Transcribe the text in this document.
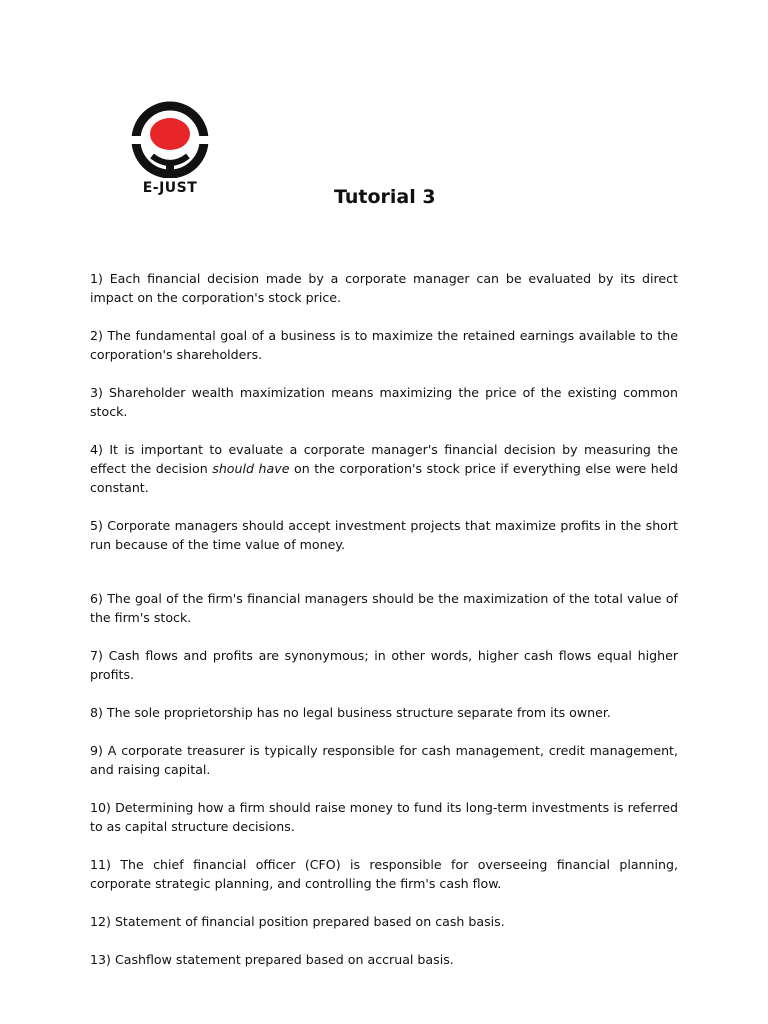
E-JUST	Tutorial 3

1) Each financial decision made by a corporate manager can be evaluated by its direct impact on the corporation's stock price.

2) The fundamental goal of a business is to maximize the retained earnings available to the corporation's shareholders.

3) Shareholder wealth maximization means maximizing the price of the existing common stock.

4) It is important to evaluate a corporate manager's financial decision by measuring the effect the decision should have on the corporation's stock price if everything else were held constant.

5) Corporate managers should accept investment projects that maximize profits in the short run because of the time value of money.

6) The goal of the firm's financial managers should be the maximization of the total value of the firm's stock.

7) Cash flows and profits are synonymous; in other words, higher cash flows equal higher profits.

8) The sole proprietorship has no legal business structure separate from its owner.

9) A corporate treasurer is typically responsible for cash management, credit management, and raising capital.

10) Determining how a firm should raise money to fund its long-term investments is referred to as capital structure decisions.

11) The chief financial officer (CFO) is responsible for overseeing financial planning, corporate strategic planning, and controlling the firm's cash flow.

12) Statement of financial position prepared based on cash basis.

13) Cashflow statement prepared based on accrual basis.
